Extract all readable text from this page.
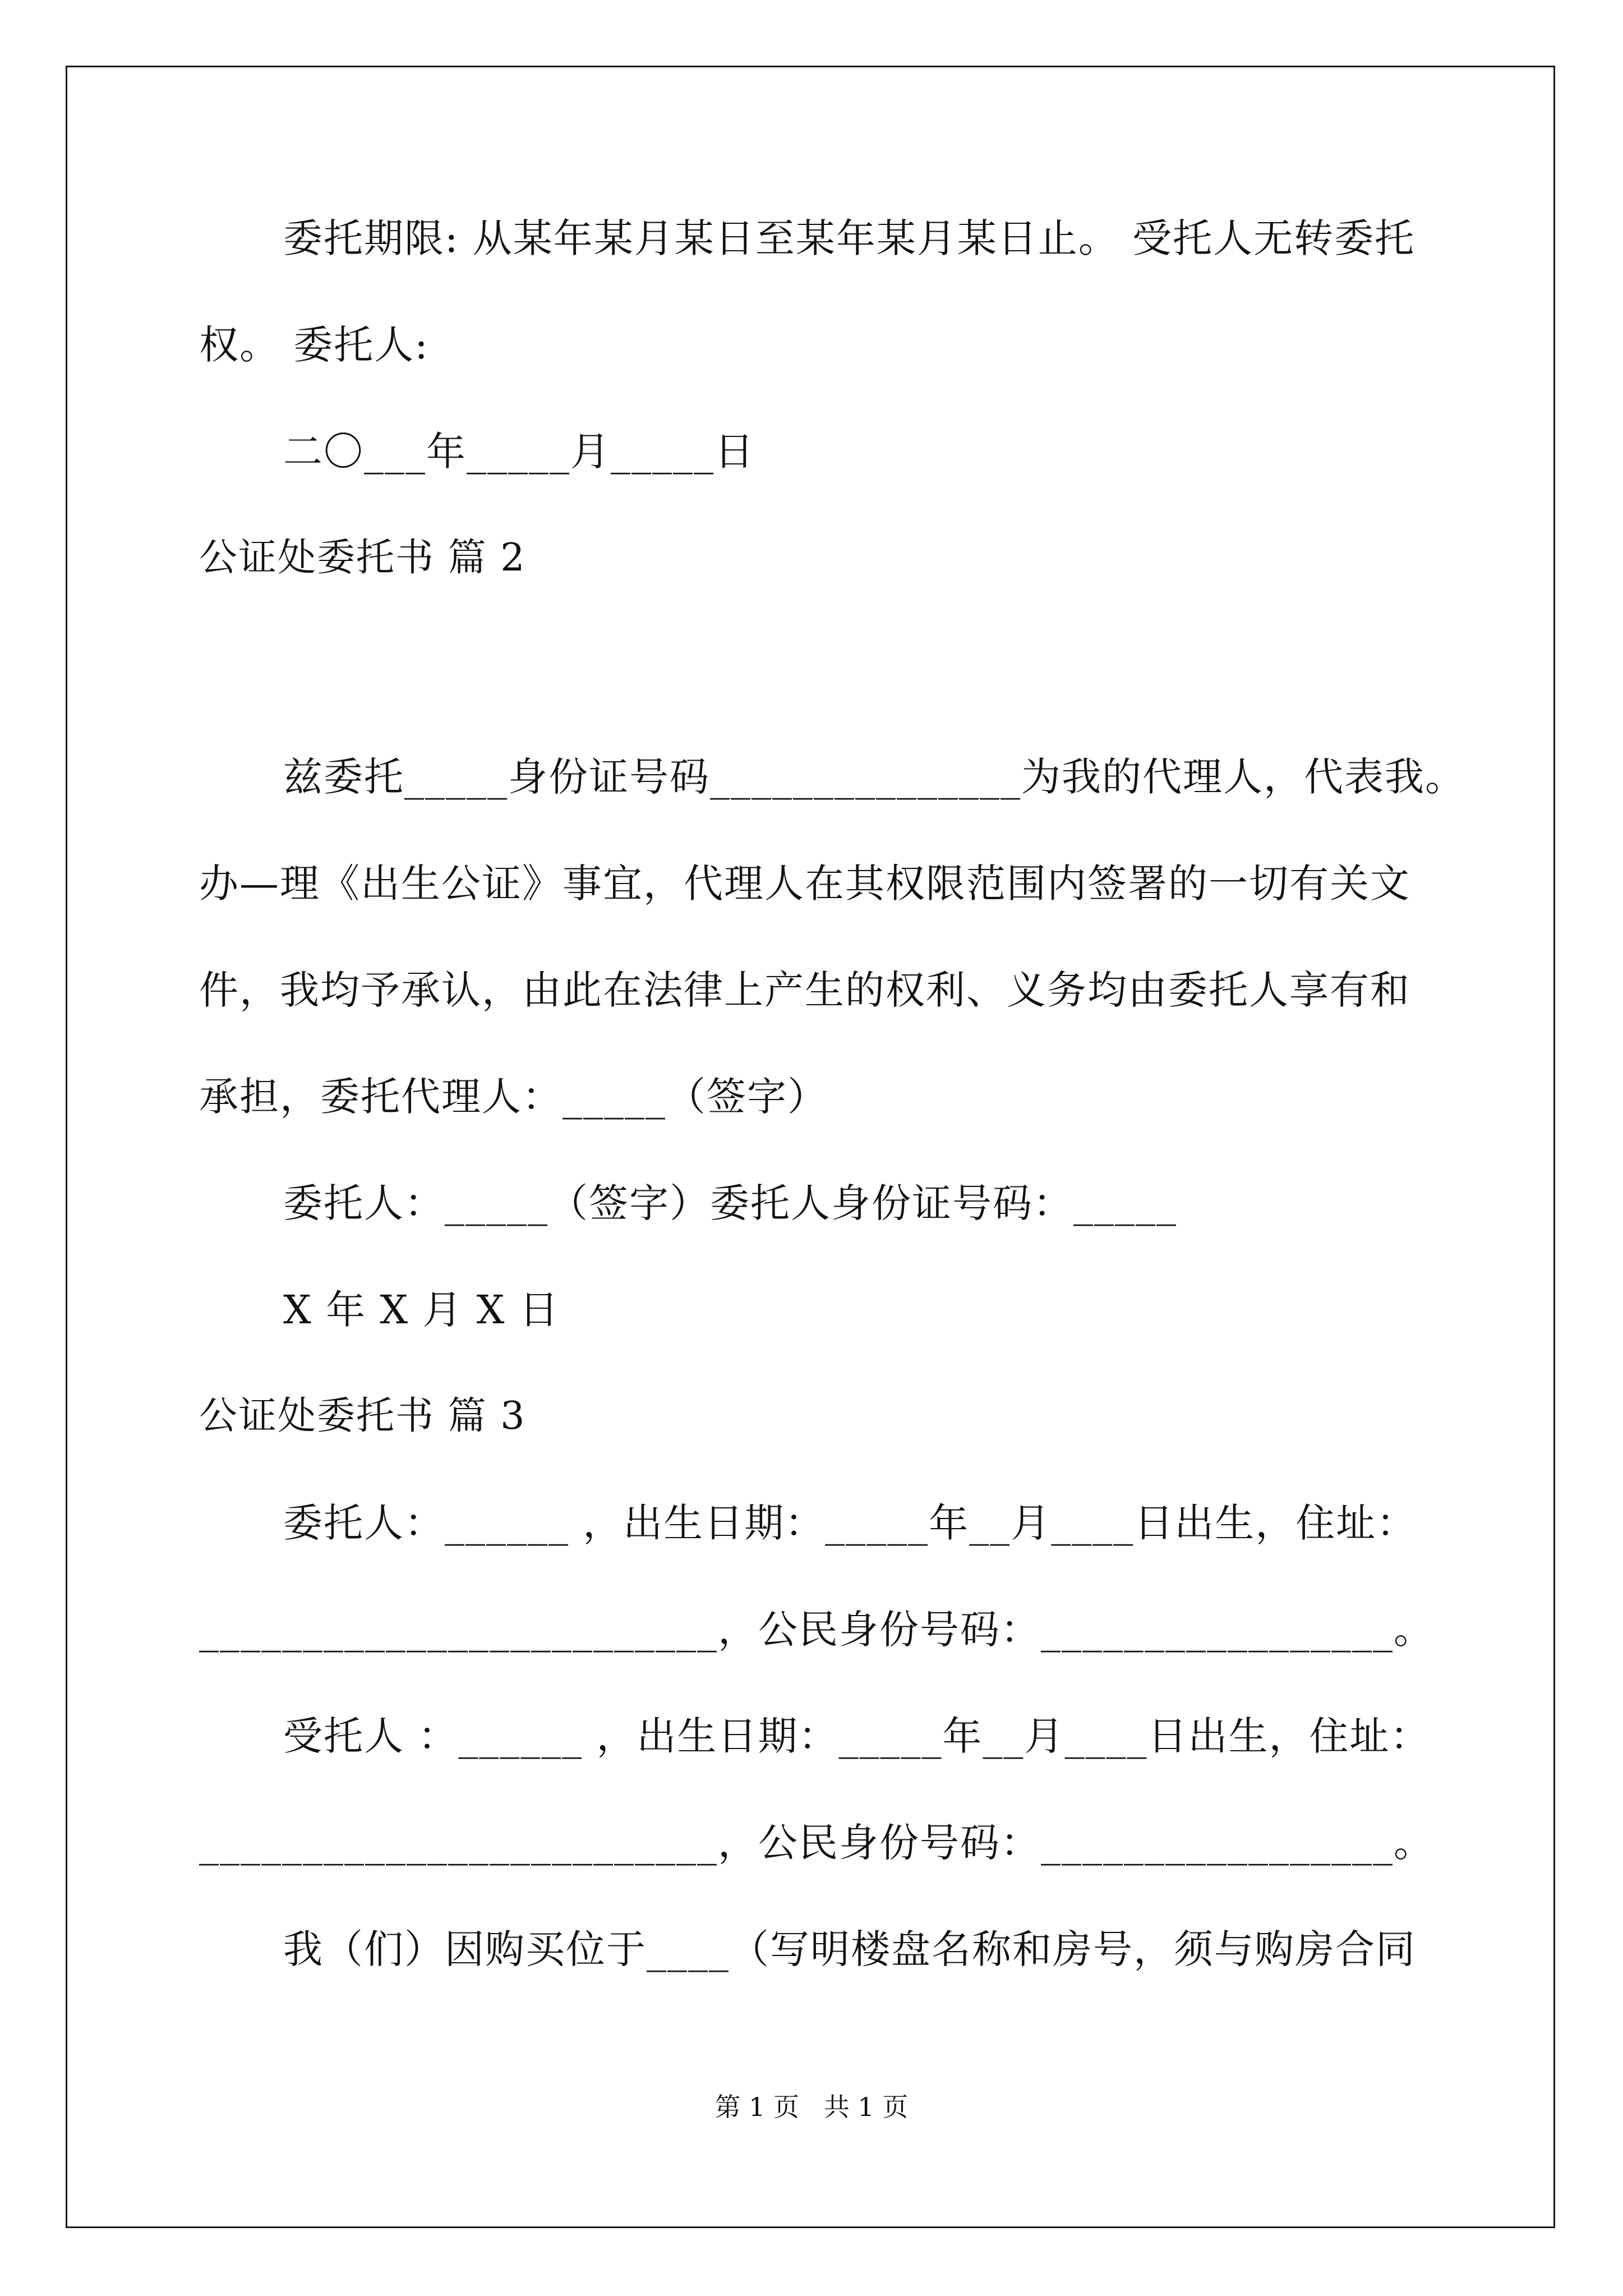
委托期限: 从某年某月某日至某年某月某日止。 受托人无转委托
权。 委托人:
二〇___年_____月_____日
公证处委托书 篇 2
兹委托_____身份证号码_______________为我的代理人，代表我。
办—理《出生公证》事宜，代理人在其权限范围内签署的一切有关文
件，我均予承认，由此在法律上产生的权利、义务均由委托人享有和
承担，委托代理人：_____（签字）
委托人：_____（签字）委托人身份证号码：_____
X 年 X 月 X 日
公证处委托书 篇 3
委托人：______ ，出生日期：_____年__月____日出生，住址：
_________________________，公民身份号码：_________________。
受托人 ：______ ，出生日期：_____年__月____日出生，住址：
_________________________，公民身份号码：_________________。
我（们）因购买位于____（写明楼盘名称和房号，须与购房合同
第 1 页   共 1 页
